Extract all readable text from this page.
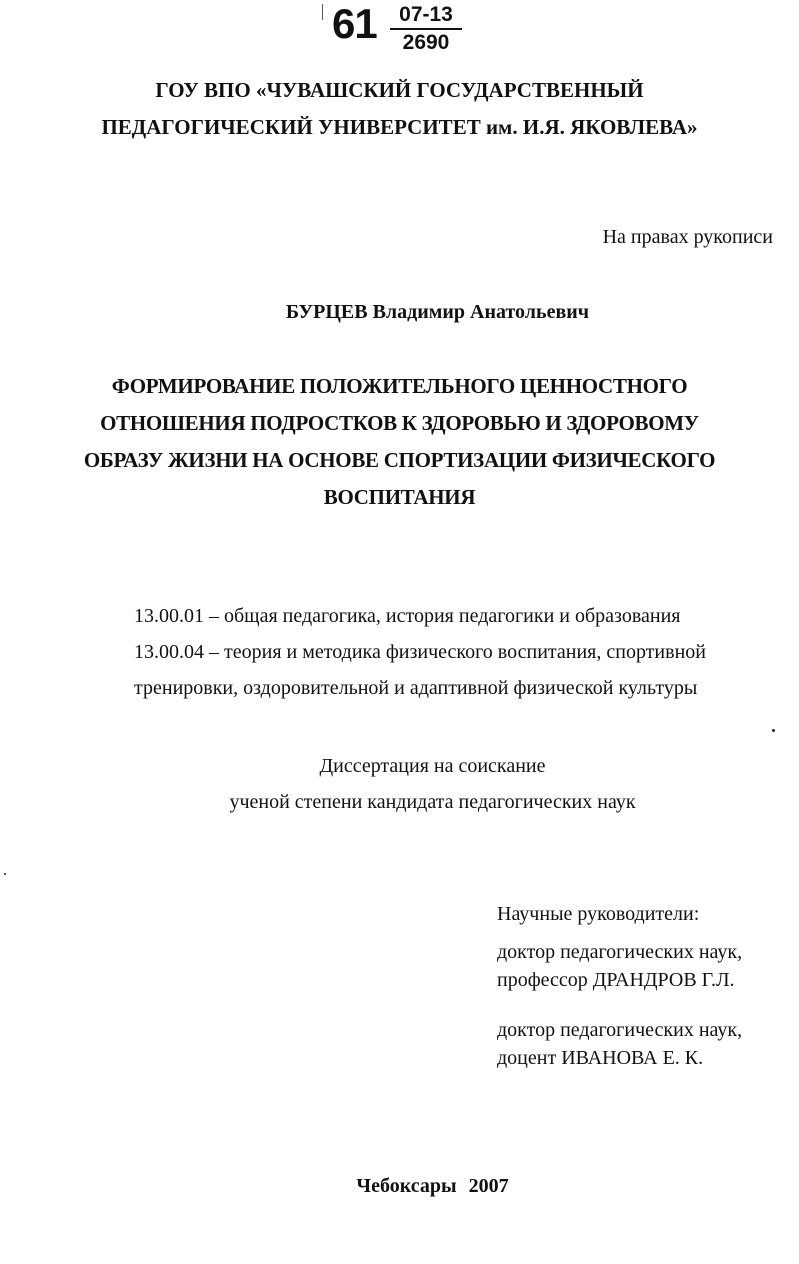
61	07-13
2690
ГОУ ВПО «ЧУВАШСКИЙ ГОСУДАРСТВЕННЫЙ
ПЕДАГОГИЧЕСКИЙ УНИВЕРСИТЕТ им. И.Я. ЯКОВЛЕВА»
На правах рукописи
БУРЦЕВ Владимир Анатольевич
ФОРМИРОВАНИЕ ПОЛОЖИТЕЛЬНОГО ЦЕННОСТНОГО
ОТНОШЕНИЯ ПОДРОСТКОВ К ЗДОРОВЬЮ И ЗДОРОВОМУ
ОБРАЗУ ЖИЗНИ НА ОСНОВЕ СПОРТИЗАЦИИ ФИЗИЧЕСКОГО
ВОСПИТАНИЯ
13.00.01 – общая педагогика, история педагогики и образования
13.00.04 – теория и методика физического воспитания, спортивной
тренировки, оздоровительной и адаптивной физической культуры
Диссертация на соискание
ученой степени кандидата педагогических наук
Научные руководители:
доктор педагогических наук,
профессор ДРАНДРОВ Г.Л.
доктор педагогических наук,
доцент ИВАНОВА Е. К.
Чебоксары 2007
